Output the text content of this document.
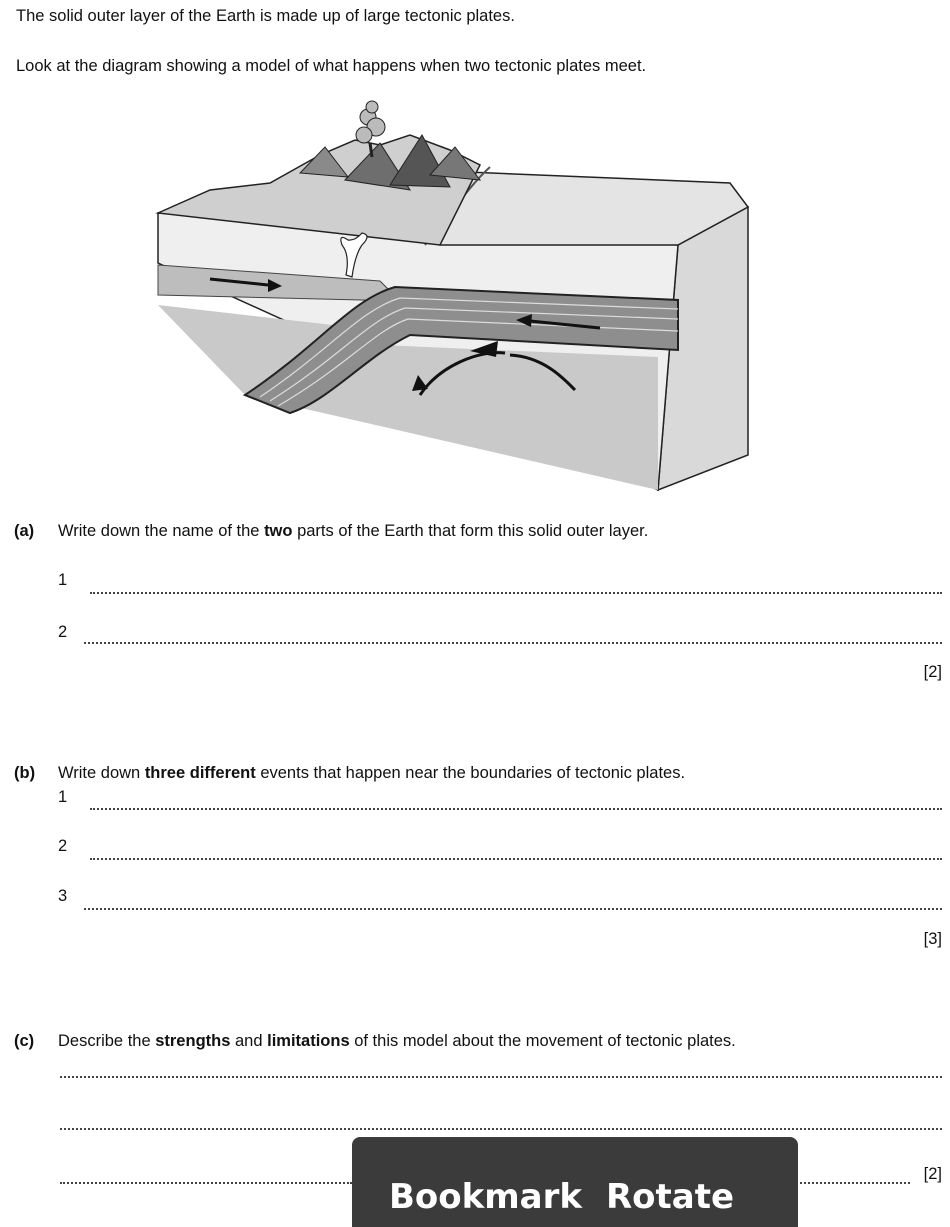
The solid outer layer of the Earth is made up of large tectonic plates.
Look at the diagram showing a model of what happens when two tectonic plates meet.
(a) Write down the name of the two parts of the Earth that form this solid outer layer.
1
2
[2]
(b) Write down three different events that happen near the boundaries of tectonic plates.
1
2
3
[3]
(c) Describe the strengths and limitations of this model about the movement of tectonic plates.
[2]
Bookmark Rotate
